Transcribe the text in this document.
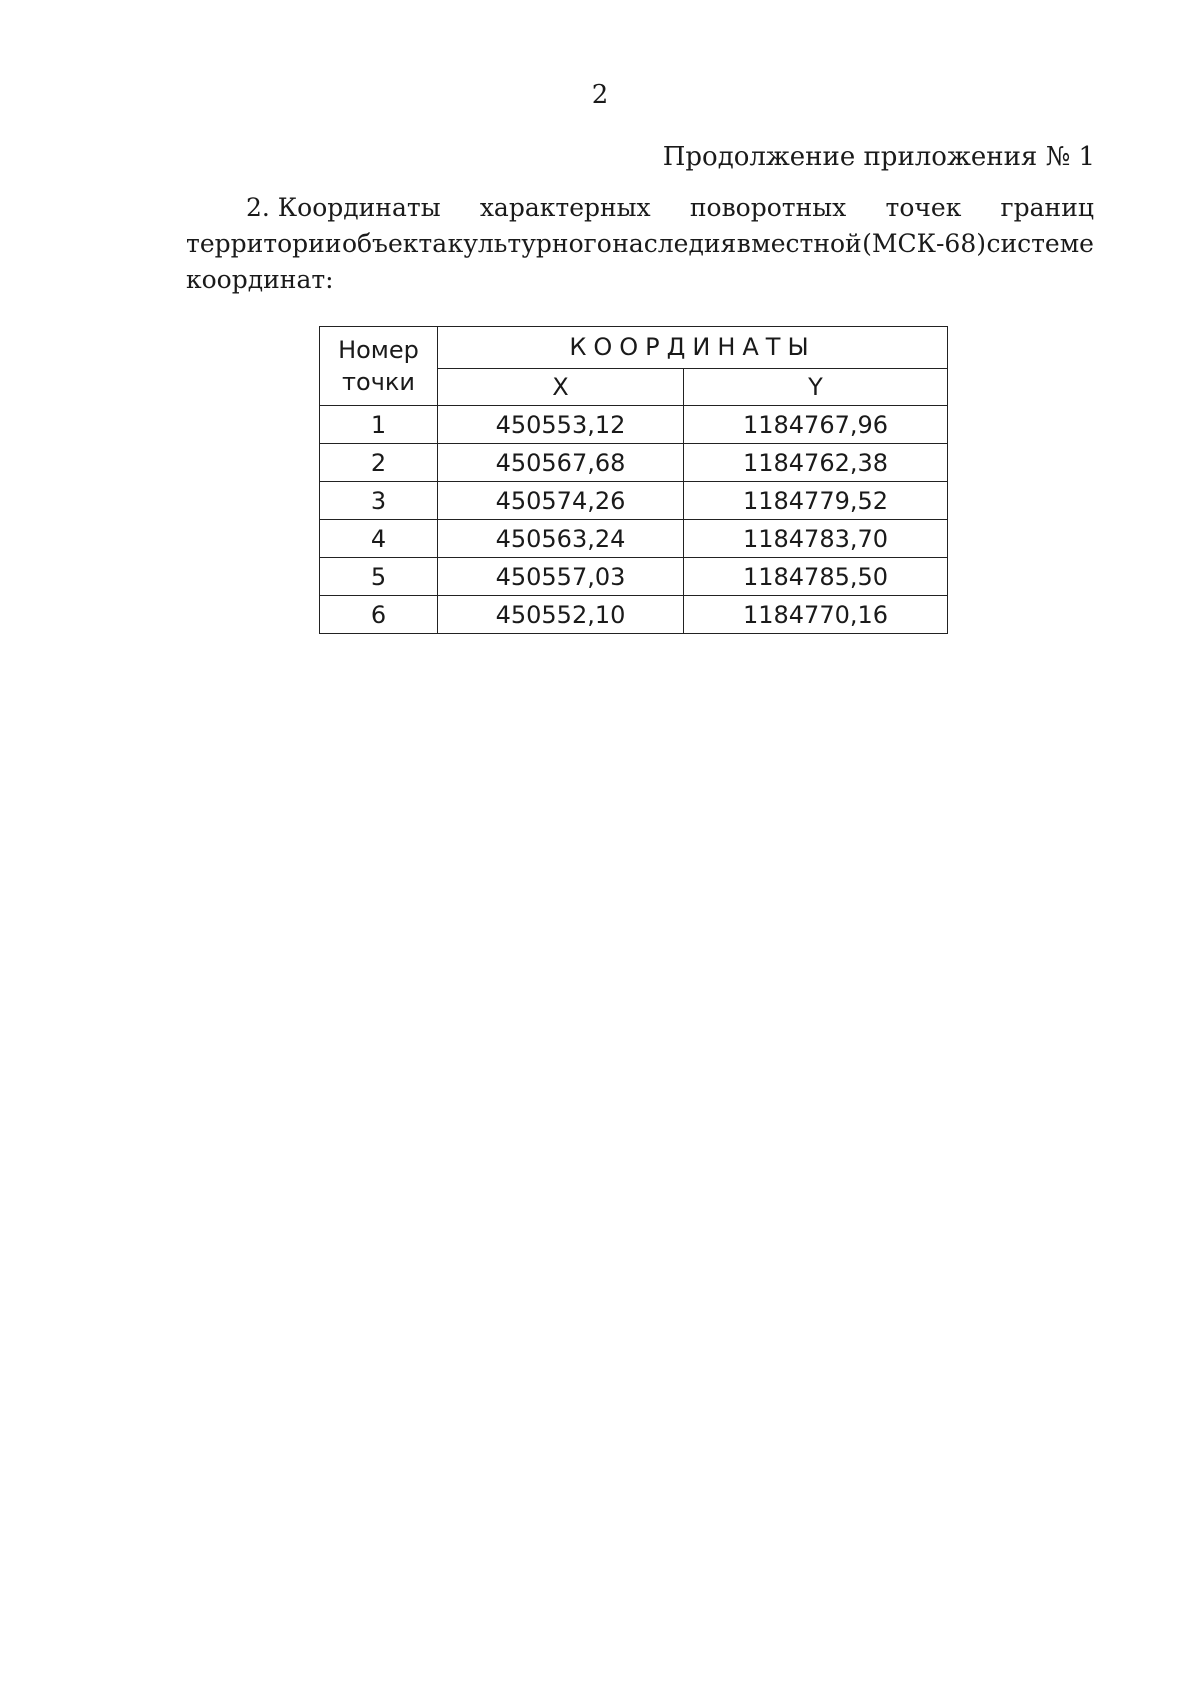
2
Продолжение приложения № 1
2. Координаты характерных поворотных точек границ
территории объекта культурного наследия в местной (МСК-68) системе
координат:
Номер
точки	КООРДИНАТЫ	
	X	Y
1	450553,12	1184767,96
2	450567,68	1184762,38
3	450574,26	1184779,52
4	450563,24	1184783,70
5	450557,03	1184785,50
6	450552,10	1184770,16
